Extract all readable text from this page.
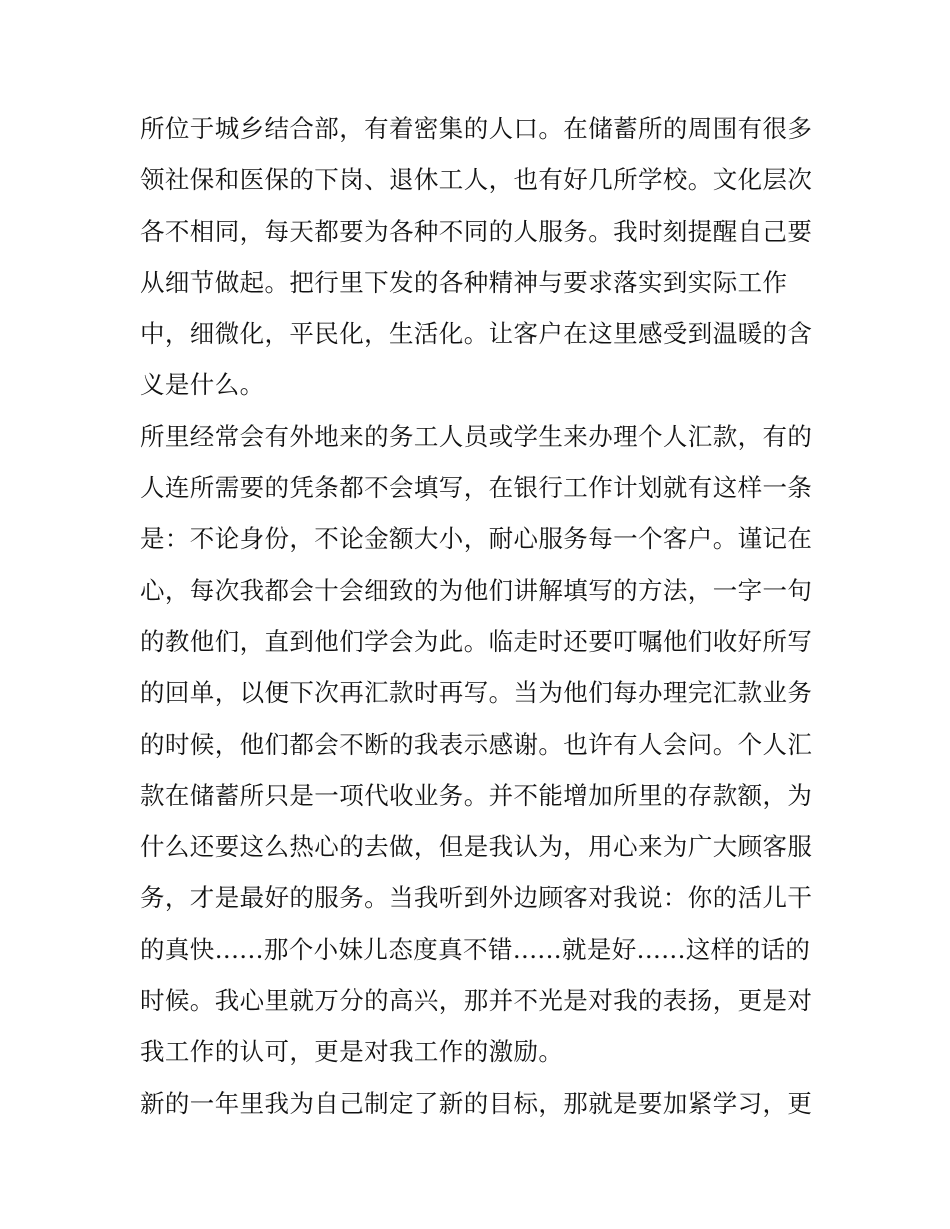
所位于城乡结合部，有着密集的人口。在储蓄所的周围有很多
领社保和医保的下岗、退休工人，也有好几所学校。文化层次
各不相同，每天都要为各种不同的人服务。我时刻提醒自己要
从细节做起。把行里下发的各种精神与要求落实到实际工作
中，细微化，平民化，生活化。让客户在这里感受到温暖的含
义是什么。
所里经常会有外地来的务工人员或学生来办理个人汇款，有的
人连所需要的凭条都不会填写，在银行工作计划就有这样一条
是：不论身份，不论金额大小，耐心服务每一个客户。谨记在
心，每次我都会十会细致的为他们讲解填写的方法，一字一句
的教他们，直到他们学会为此。临走时还要叮嘱他们收好所写
的回单，以便下次再汇款时再写。当为他们每办理完汇款业务
的时候，他们都会不断的我表示感谢。也许有人会问。个人汇
款在储蓄所只是一项代收业务。并不能增加所里的存款额，为
什么还要这么热心的去做，但是我认为，用心来为广大顾客服
务，才是最好的服务。当我听到外边顾客对我说：你的活儿干
的真快......那个小妹儿态度真不错......就是好......这样的话的
时候。我心里就万分的高兴，那并不光是对我的表扬，更是对
我工作的认可，更是对我工作的激励。
新的一年里我为自己制定了新的目标，那就是要加紧学习，更
